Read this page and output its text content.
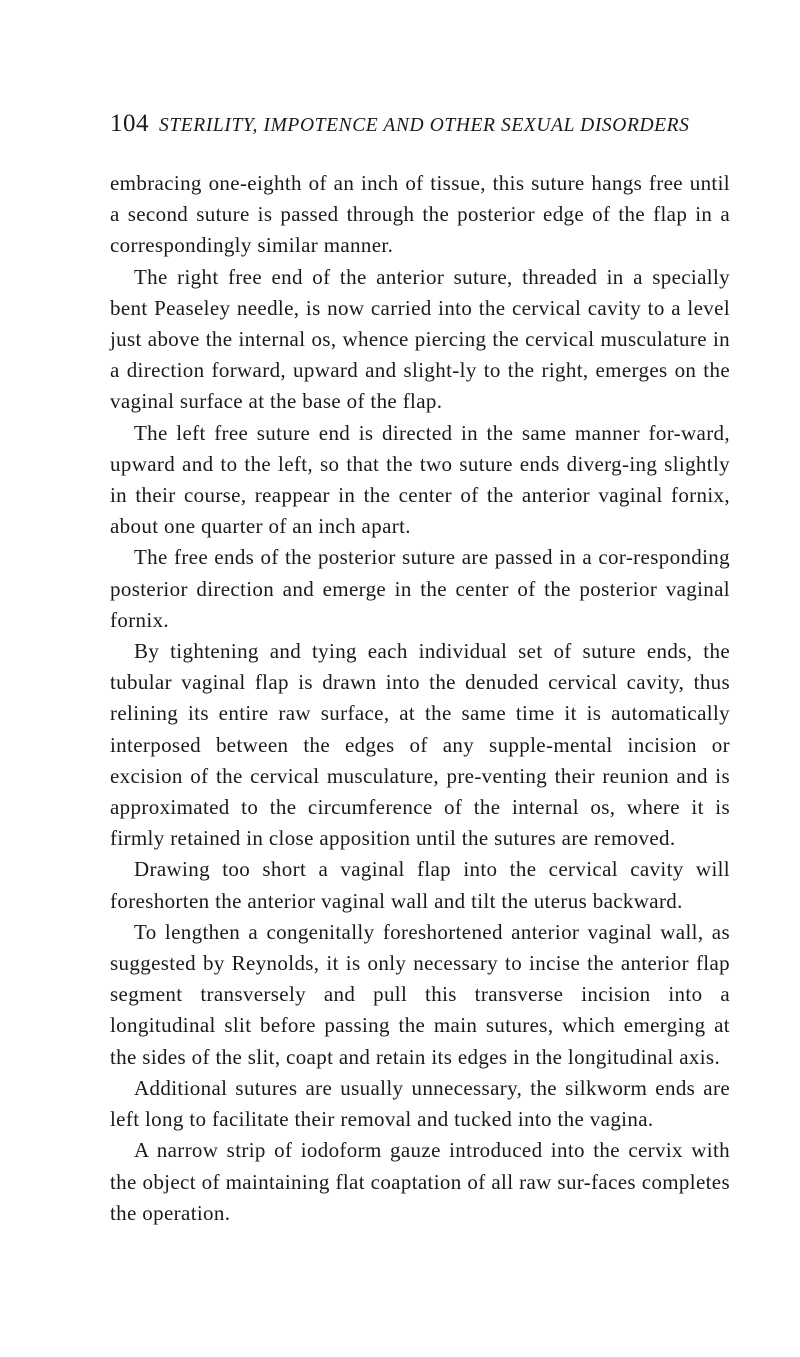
104 STERILITY, IMPOTENCE AND OTHER SEXUAL DISORDERS

embracing one-eighth of an inch of tissue, this suture hangs free until a second suture is passed through the posterior edge of the flap in a correspondingly similar manner.

The right free end of the anterior suture, threaded in a specially bent Peaseley needle, is now carried into the cervical cavity to a level just above the internal os, whence piercing the cervical musculature in a direction forward, upward and slight-ly to the right, emerges on the vaginal surface at the base of the flap.

The left free suture end is directed in the same manner for-ward, upward and to the left, so that the two suture ends diverg-ing slightly in their course, reappear in the center of the anterior vaginal fornix, about one quarter of an inch apart.

The free ends of the posterior suture are passed in a cor-responding posterior direction and emerge in the center of the posterior vaginal fornix.

By tightening and tying each individual set of suture ends, the tubular vaginal flap is drawn into the denuded cervical cavity, thus relining its entire raw surface, at the same time it is automatically interposed between the edges of any supple-mental incision or excision of the cervical musculature, pre-venting their reunion and is approximated to the circumference of the internal os, where it is firmly retained in close apposition until the sutures are removed.

Drawing too short a vaginal flap into the cervical cavity will foreshorten the anterior vaginal wall and tilt the uterus backward.

To lengthen a congenitally foreshortened anterior vaginal wall, as suggested by Reynolds, it is only necessary to incise the anterior flap segment transversely and pull this transverse incision into a longitudinal slit before passing the main sutures, which emerging at the sides of the slit, coapt and retain its edges in the longitudinal axis.

Additional sutures are usually unnecessary, the silkworm ends are left long to facilitate their removal and tucked into the vagina.

A narrow strip of iodoform gauze introduced into the cervix with the object of maintaining flat coaptation of all raw sur-faces completes the operation.
